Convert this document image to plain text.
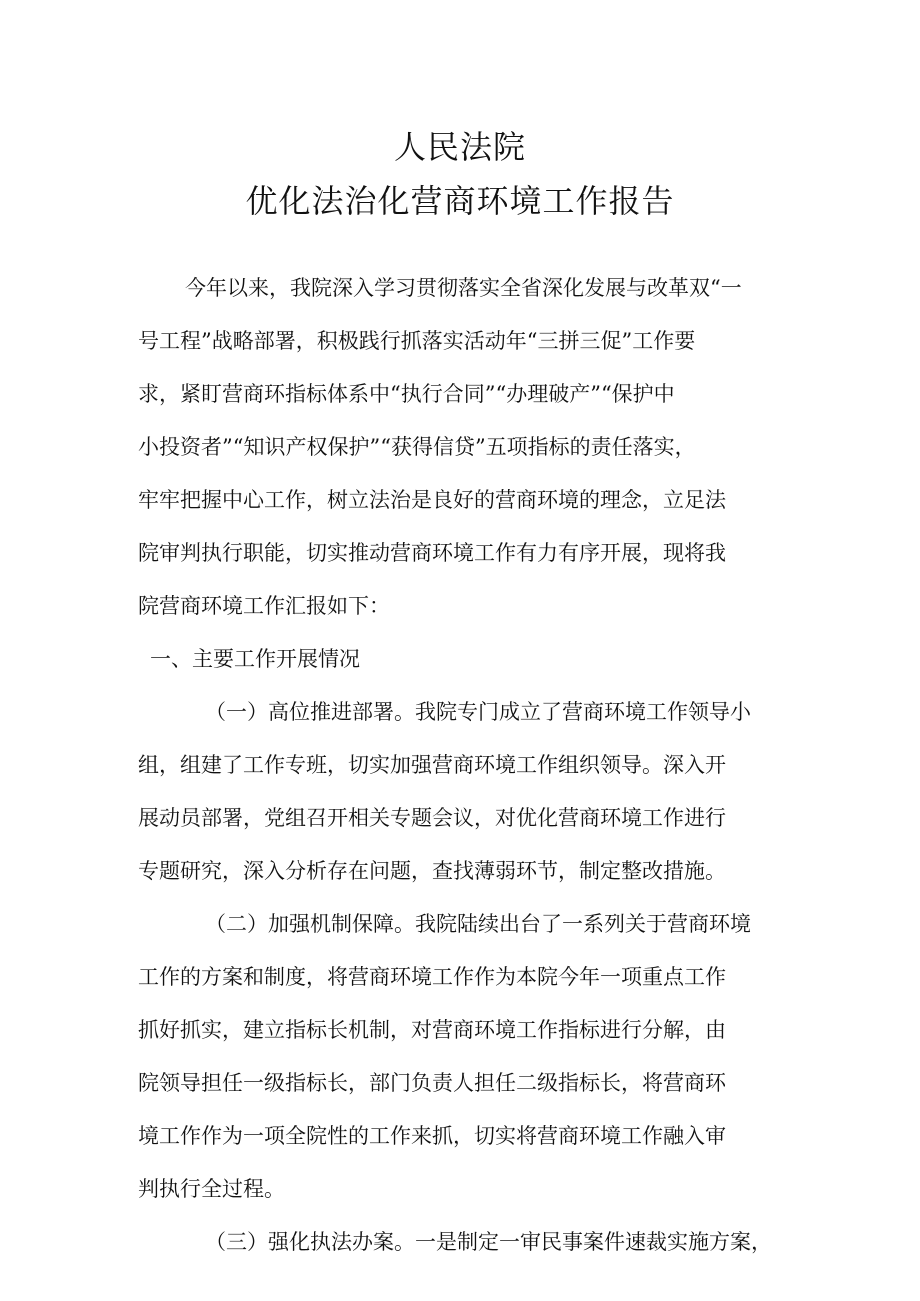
人民法院
优化法治化营商环境工作报告
今年以来，我院深入学习贯彻落实全省深化发展与改革双“一
号工程”战略部署，积极践行抓落实活动年“三拼三促”工作要
求，紧盯营商环指标体系中“执行合同”“办理破产”“保护中
小投资者”“知识产权保护”“获得信贷”五项指标的责任落实，
牢牢把握中心工作，树立法治是良好的营商环境的理念，立足法
院审判执行职能，切实推动营商环境工作有力有序开展，现将我
院营商环境工作汇报如下：
一、主要工作开展情况
（一）高位推进部署。我院专门成立了营商环境工作领导小
组，组建了工作专班，切实加强营商环境工作组织领导。深入开
展动员部署，党组召开相关专题会议，对优化营商环境工作进行
专题研究，深入分析存在问题，查找薄弱环节，制定整改措施。
（二）加强机制保障。我院陆续出台了一系列关于营商环境
工作的方案和制度，将营商环境工作作为本院今年一项重点工作
抓好抓实，建立指标长机制，对营商环境工作指标进行分解，由
院领导担任一级指标长，部门负责人担任二级指标长，将营商环
境工作作为一项全院性的工作来抓，切实将营商环境工作融入审
判执行全过程。
（三）强化执法办案。一是制定一审民事案件速裁实施方案，
